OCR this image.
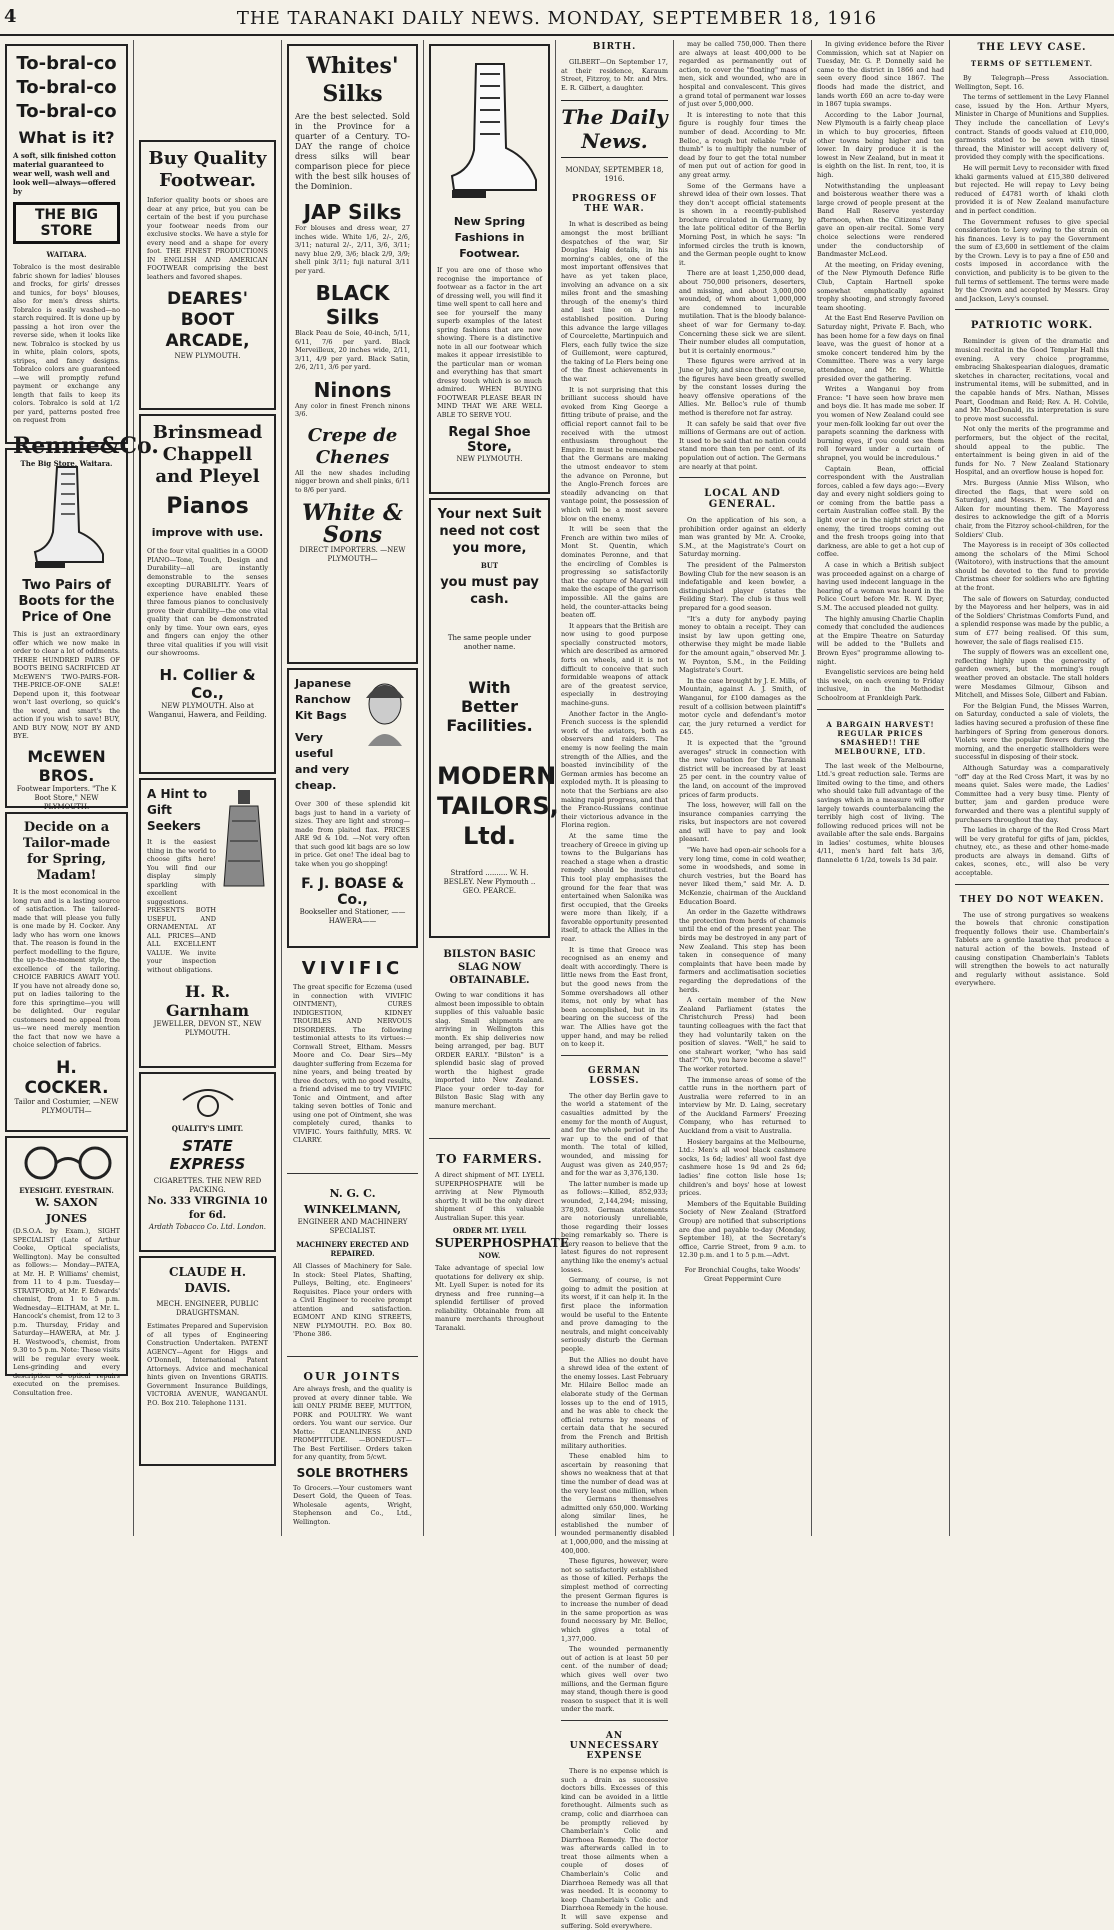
4	THE TARANAKI DAILY NEWS. MONDAY, SEPTEMBER 18, 1916
To-bral-co
To-bral-co
To-bral-co
What is it?
A soft, silk finished cotton material guaranteed to wear well, wash well and look well—always—offered by
THE BIG STORE
WAITARA.
Tobralco is the most desirable fabric shown for ladies' blouses and frocks, for girls' dresses and tunics, for boys' blouses, also for men's dress shirts. Tobralco is easily washed—no starch required. It is done up by passing a hot iron over the reverse side, when it looks like new. Tobralco is stocked by us in white, plain colors, spots, stripes, and fancy designs. Tobralco colors are guaranteed—we will promptly refund payment or exchange any length that fails to keep its colors. Tobralco is sold at 1/2 per yard, patterns posted free on request from
Rennie&Co.
The Big Store, Waitara.
Two Pairs of Boots for the Price of One
This is just an extraordinary offer which we now make in order to clear a lot of oddments. THREE HUNDRED PAIRS OF BOOTS BEING SACRIFICED AT McEWEN'S TWO-PAIRS-FOR-THE-PRICE-OF-ONE SALE! Depend upon it, this footwear won't last overlong, so quick's the word, and smart's the action if you wish to save! BUY, AND BUY NOW, NOT BY AND BYE.
McEWEN BROS.
Footwear Importers. "The K Boot Store," NEW PLYMOUTH.
Decide on a Tailor-made for Spring, Madam!
It is the most economical in the long run and is a lasting source of satisfaction. The tailored-made that will please you fully is one made by H. Cocker. Any lady who has worn one knows that. The reason is found in the perfect modelling to the figure, the up-to-the-moment style, the excellence of the tailoring. CHOICE FABRICS AWAIT YOU. If you have not already done so, put on ladies tailoring to the fore this springtime—you will be delighted. Our regular customers need no appeal from us—we need merely mention the fact that now we have a choice selection of fabrics.
H. COCKER.
Tailor and Costumier, —NEW PLYMOUTH—
EYESIGHT. EYESTRAIN.
W. SAXON JONES
(D.S.O.A. by Exam.), SIGHT SPECIALIST (Late of Arthur Cooke, Optical specialists, Wellington). May be consulted as follows:— Monday—PATEA, at Mr. H. P. Williams' chemist, from 11 to 4 p.m. Tuesday—STRATFORD, at Mr. F. Edwards' chemist, from 1 to 5 p.m. Wednesday—ELTHAM, at Mr. L. Hancock's chemist, from 12 to 3 p.m. Thursday, Friday and Saturday—HAWERA, at Mr. J. H. Westwood's, chemist, from 9.30 to 5 p.m. Note: These visits will be regular every week. Lens-grinding and every description of optical repairs executed on the premises. Consultation free.
Buy Quality Footwear.
Inferior quality boots or shoes are dear at any price, but you can be certain of the best if you purchase your footwear needs from our exclusive stocks. We have a style for every need and a shape for every foot. THE FINEST PRODUCTIONS IN ENGLISH AND AMERICAN FOOTWEAR comprising the best leathers and favored shapes.
DEARES' BOOT ARCADE,
NEW PLYMOUTH.
Brinsmead Chappell and Pleyel
Pianos
improve with use.
Of the four vital qualities in a GOOD PIANO—Tone, Touch, Design and Durability—all are instantly demonstrable to the senses excepting DURABILITY. Years of experience have enabled these three famous pianos to conclusively prove their durability—the one vital quality that can be demonstrated only by time. Your own ears, eyes and fingers can enjoy the other three vital qualities if you will visit our showrooms.
H. Collier & Co.,
NEW PLYMOUTH. Also at Wanganui, Hawera, and Feilding.
A Hint to Gift Seekers
It is the easiest thing in the world to choose gifts here! You will find our display simply sparkling with excellent suggestions. PRESENTS BOTH USEFUL AND ORNAMENTAL AT ALL PRICES—AND ALL EXCELLENT VALUE. We invite your inspection without obligations.
H. R. Garnham
JEWELLER, DEVON ST., NEW PLYMOUTH.
QUALITY'S LIMIT.
STATE EXPRESS
CIGARETTES. THE NEW RED PACKING.
No. 333 VIRGINIA 10 for 6d.
Ardath Tobacco Co. Ltd. London.
CLAUDE H. DAVIS.
MECH. ENGINEER, PUBLIC DRAUGHTSMAN.
Estimates Prepared and Supervision of all types of Engineering Construction Undertaken. PATENT AGENCY—Agent for Higgs and O'Donnell, International Patent Attorneys. Advice and mechanical hints given on Inventions GRATIS. Government Insurance Buildings, VICTORIA AVENUE, WANGANUI. P.O. Box 210. Telephone 1131.
Whites' Silks
Are the best selected. Sold in the Province for a quarter of a Century. TO-DAY the range of choice dress silks will bear comparison piece for piece with the best silk houses of the Dominion.
JAP Silks
For blouses and dress wear, 27 inches wide. White 1/6, 2/-, 2/6, 3/11; natural 2/-, 2/11, 3/6, 3/11; navy blue 2/9, 3/6; black 2/9, 3/9; shell pink 3/11; fuji natural 3/11 per yard.
BLACK Silks
Black Peau de Soie, 40-inch, 5/11, 6/11, 7/6 per yard. Black Merveilleux, 20 inches wide, 2/11, 3/11, 4/9 per yard. Black Satin, 2/6, 2/11, 3/6 per yard.
Ninons
Any color in finest French ninons 3/6.
Crepe de Chenes
All the new shades including nigger brown and shell pinks, 6/11 to 8/6 per yard.
White & Sons
DIRECT IMPORTERS. —NEW PLYMOUTH—
Japanese Ranchow Kit Bags
Very useful and very cheap.
Over 300 of these splendid kit bags just to hand in a variety of sizes. They are light and strong—made from plaited flax. PRICES ARE 9d & 10d. —Not very often that such good kit bags are so low in price. Get one! The ideal bag to take when you go shopping!
F. J. BOASE & Co.,
Bookseller and Stationer, ——HAWERA——
VIVIFIC
The great specific for Eczema (used in connection with VIVIFIC OINTMENT), CURES INDIGESTION, KIDNEY TROUBLES AND NERVOUS DISORDERS. The following testimonial attests to its virtues:— Cornwall Street, Eltham. Messrs Moore and Co. Dear Sirs—My daughter suffering from Eczema for nine years, and being treated by three doctors, with no good results, a friend advised me to try VIVIFIC Tonic and Ointment, and after taking seven bottles of Tonic and using one pot of Ointment, she was completely cured, thanks to VIVIFIC. Yours faithfully, MRS. W. CLARRY.
N. G. C. WINKELMANN,
ENGINEER AND MACHINERY SPECIALIST.
MACHINERY ERECTED AND REPAIRED.
All Classes of Machinery for Sale. In stock: Steel Plates, Shafting, Pulleys, Belting, etc. Engineers' Requisites. Place your orders with a Civil Engineer to receive prompt attention and satisfaction. EGMONT AND KING STREETS, NEW PLYMOUTH. P.O. Box 80. 'Phone 386.
OUR JOINTS
Are always fresh, and the quality is proved at every dinner table. We kill ONLY PRIME BEEF, MUTTON, PORK and POULTRY. We want orders. You want our service. Our Motto: CLEANLINESS AND PROMPTITUDE. —BONEDUST— The Best Fertiliser. Orders taken for any quantity, from 5/cwt.
SOLE BROTHERS
To Grocers.—Your customers want Desert Gold, the Queen of Teas. Wholesale agents, Wright, Stephenson and Co., Ltd., Wellington.
New Spring Fashions in Footwear.
If you are one of those who recognise the importance of footwear as a factor in the art of dressing well, you will find it time well spent to call here and see for yourself the many superb examples of the latest spring fashions that are now showing. There is a distinctive note in all our footwear which makes it appear irresistible to the particular man or woman and everything has that smart dressy touch which is so much admired. WHEN BUYING FOOTWEAR PLEASE BEAR IN MIND THAT WE ARE WELL ABLE TO SERVE YOU.
Regal Shoe Store,
NEW PLYMOUTH.
Your next Suit need not cost you more,
BUT
you must pay cash.
The same people under another name.
With
Better Facilities.
MODERN TAILORS, Ltd.
Stratford .......... W. H. BESLEY. New Plymouth .. GEO. PEARCE.
BILSTON BASIC SLAG NOW OBTAINABLE.
Owing to war conditions it has almost been impossible to obtain supplies of this valuable basic slag. Small shipments are arriving in Wellington this month. Ex ship deliveries now being arranged, per bag. BUT ORDER EARLY. "Bilston" is a splendid basic slag of proved worth the highest grade imported into New Zealand. Place your order to-day for Bilston Basic Slag with any manure merchant.
TO FARMERS.
A direct shipment of MT. LYELL SUPERPHOSPHATE will be arriving at New Plymouth shortly. It will be the only direct shipment of this valuable Australian Super. this year.
ORDER MT. LYELL
SUPERPHOSPHATE
NOW.
Take advantage of special low quotations for delivery ex ship. Mt. Lyell Super. is noted for its dryness and free running—a splendid fertiliser of proved reliability. Obtainable from all manure merchants throughout Taranaki.
BIRTH.

GILBERT—On September 17, at their residence, Karaum Street, Fitzroy, to Mr. and Mrs. E. R. Gilbert, a daughter.

The Daily News.
MONDAY, SEPTEMBER 18, 1916.
PROGRESS OF THE WAR.

In what is described as being amongst the most brilliant despatches of the war, Sir Douglas Haig details, in his morning's cables, one of the most important offensives that have as yet taken place, involving an advance on a six miles front and the smashing through of the enemy's third and last line on a long established position. During this advance the large villages of Courcelette, Martinpuich and Flers, each fully twice the size of Guillemont, were captured, the taking of Le Flers being one of the finest achievements in the war.

It is not surprising that this brilliant success should have evoked from King George a fitting tribute of praise, and the official report cannot fail to be received with the utmost enthusiasm throughout the Empire. It must be remembered that the Germans are making the utmost endeavor to stem the advance on Peronne, but the Anglo-French forces are steadily advancing on that vantage point, the possession of which will be a most severe blow on the enemy.

It will be seen that the French are within two miles of Mont St. Quentin, which dominates Peronne, and that the encircling of Combles is progressing so satisfactorily that the capture of Marval will make the escape of the garrison impossible. All the gains are held, the counter-attacks being beaten off.

It appears that the British are now using to good purpose specially constructed motors, which are described as armored forts on wheels, and it is not difficult to conceive that such formidable weapons of attack are of the greatest service, especially in destroying machine-guns.

Another factor in the Anglo-French success is the splendid work of the aviators, both as observers and raiders. The enemy is now feeling the main strength of the Allies, and the boasted invincibility of the German armies has become an exploded myth. It is pleasing to note that the Serbians are also making rapid progress, and that the Franco-Russians continue their victorious advance in the Florina region.

At the same time the treachery of Greece in giving up towns to the Bulgarians has reached a stage when a drastic remedy should be instituted. This tool play emphasises the ground for the fear that was entertained when Salonika was first occupied, that the Greeks were more than likely, if a favorable opportunity presented itself, to attack the Allies in the rear.

It is time that Greece was recognised as an enemy and dealt with accordingly. There is little news from the East front, but the good news from the Somme overshadows all other items, not only by what has been accomplished, but in its bearing on the success of the war. The Allies have got the upper hand, and may be relied on to keep it.

GERMAN LOSSES.

The other day Berlin gave to the world a statement of the casualties admitted by the enemy for the month of August, and for the whole period of the war up to the end of that month. The total of killed, wounded, and missing for August was given as 240,957; and for the war as 3,376,130.

The latter number is made up as follows:—Killed, 852,933; wounded, 2,144,294; missing, 378,903. German statements are notoriously unreliable, those regarding their losses being remarkably so. There is every reason to believe that the latest figures do not represent anything like the enemy's actual losses.

Germany, of course, is not going to admit the position at its worst, if it can help it. In the first place the information would be useful to the Entente and prove damaging to the neutrals, and might conceivably seriously disturb the German people.

But the Allies no doubt have a shrewd idea of the extent of the enemy losses. Last February Mr. Hilaire Belloc made an elaborate study of the German losses up to the end of 1915, and he was able to check the official returns by means of certain data that he secured from the French and British military authorities.

These enabled him to ascertain by reasoning that shows no weakness that at that time the number of dead was at the very least one million, when the Germans themselves admitted only 650,000. Working along similar lines, he established the number of wounded permanently disabled at 1,000,000, and the missing at 400,000.

These figures, however, were not so satisfactorily established as those of killed. Perhaps the simplest method of correcting the present German figures is to increase the number of dead in the same proportion as was found necessary by Mr. Belloc, which gives a total of 1,377,000.

The wounded permanently out of action is at least 50 per cent. of the number of dead; which gives well over two millions, and the German figure may stand, though there is good reason to suspect that it is well under the mark.

AN UNNECESSARY EXPENSE

There is no expense which is such a drain as successive doctors bills. Excesses of this kind can be avoided in a little forethought. Ailments such as cramp, colic and diarrhoea can be promptly relieved by Chamberlain's Colic and Diarrhoea Remedy. The doctor was afterwards called in to treat those ailments when a couple of doses of Chamberlain's Colic and Diarrhoea Remedy was all that was needed. It is economy to keep Chamberlain's Colic and Diarrhoea Remedy in the house. It will save expense and suffering. Sold everywhere.

may be called 750,000. Then there are always at least 400,000 to be regarded as permanently out of action, to cover the "floating" mass of men, sick and wounded, who are in hospital and convalescent. This gives a grand total of permanent war losses of just over 5,000,000.

It is interesting to note that this figure is roughly four times the number of dead. According to Mr. Belloc, a rough but reliable "rule of thumb" is to multiply the number of dead by four to get the total number of men put out of action for good in any great army.

Some of the Germans have a shrewd idea of their own losses. That they don't accept official statements is shown in a recently-published brochure circulated in Germany, by the late political editor of the Berlin Morning Post, in which he says: "In informed circles the truth is known, and the German people ought to know it.

There are at least 1,250,000 dead, about 750,000 prisoners, deserters, and missing, and about 3,000,000 wounded, of whom about 1,000,000 are condemned to incurable mutilation. That is the bloody balance-sheet of war for Germany to-day. Concerning these sick we are silent. Their number eludes all computation, but it is certainly enormous."

These figures were arrived at in June or July, and since then, of course, the figures have been greatly swelled by the constant losses during the heavy offensive operations of the Allies. Mr. Belloc's rule of thumb method is therefore not far astray.

It can safely be said that over five millions of Germans are out of action. It used to be said that no nation could stand more than ten per cent. of its population out of action. The Germans are nearly at that point.

LOCAL AND GENERAL.

On the application of his son, a prohibition order against an elderly man was granted by Mr. A. Crooke, S.M., at the Magistrate's Court on Saturday morning.

The president of the Palmerston Bowling Club for the new season is an indefatigable and keen bowler, a distinguished player (states the Feilding Star). The club is thus well prepared for a good season.

"It's a duty for anybody paying money to obtain a receipt. They can insist by law upon getting one, otherwise they might be made liable for the amount again," observed Mr. J. W. Poynton, S.M., in the Feilding Magistrate's Court.

In the case brought by J. E. Mills, of Mountain, against A. J. Smith, of Wanganui, for £100 damages as the result of a collision between plaintiff's motor cycle and defendant's motor car, the jury returned a verdict for £45.

It is expected that the "ground averages" struck in connection with the new valuation for the Taranaki district will be increased by at least 25 per cent. in the country value of the land, on account of the improved prices of farm products.

The loss, however, will fall on the insurance companies carrying the risks, but inspectors are not covered and will have to pay and look pleasant.

"We have had open-air schools for a very long time, come in cold weather, some in woodsheds, and some in church vestries, but the Board has never liked them," said Mr. A. D. McKenzie, chairman of the Auckland Education Board.

An order in the Gazette withdraws the protection from herds of chamois until the end of the present year. The birds may be destroyed in any part of New Zealand. This step has been taken in consequence of many complaints that have been made by farmers and acclimatisation societies regarding the depredations of the herds.

A certain member of the New Zealand Parliament (states the Christchurch Press) had been taunting colleagues with the fact that they had voluntarily taken on the position of slaves. "Well," he said to one stalwart worker, "who has said that?" "Oh, you have become a slave!" The worker retorted.

The immense areas of some of the cattle runs in the northern part of Australia were referred to in an interview by Mr. D. Laing, secretary of the Auckland Farmers' Freezing Company, who has returned to Auckland from a visit to Australia.

Hosiery bargains at the Melbourne, Ltd.: Men's all wool black cashmere socks, 1s 6d; ladies' all wool fast dye cashmere hose 1s 9d and 2s 6d; ladies' fine cotton lisle hose 1s; children's and boys' hose at lowest prices.

Members of the Equitable Building Society of New Zealand (Stratford Group) are notified that subscriptions are due and payable to-day (Monday, September 18), at the Secretary's office, Carrie Street, from 9 a.m. to 12.30 p.m. and 1 to 5 p.m.—Advt.

For Bronchial Coughs, take Woods' Great Peppermint Cure

In giving evidence before the River Commission, which sat at Napier on Tuesday, Mr. G. P. Donnelly said he came to the district in 1866 and had seen every flood since 1867. The floods had made the district, and lands worth £60 an acre to-day were in 1867 tupia swamps.

According to the Labor Journal, New Plymouth is a fairly cheap place in which to buy groceries, fifteen other towns being higher and ten lower. In dairy produce it is the lowest in New Zealand, but in meat it is eighth on the list. In rent, too, it is high.

Notwithstanding the unpleasant and boisterous weather there was a large crowd of people present at the Band Hall Reserve yesterday afternoon, when the Citizens' Band gave an open-air recital. Some very choice selections were rendered under the conductorship of Bandmaster McLeod.

At the meeting, on Friday evening, of the New Plymouth Defence Rifle Club, Captain Hartnell spoke somewhat emphatically against trophy shooting, and strongly favored team shooting.

At the East End Reserve Pavilion on Saturday night, Private F. Bach, who has been home for a few days on final leave, was the guest of honor at a smoke concert tendered him by the Committee. There was a very large attendance, and Mr. F. Whittle presided over the gathering.

Writes a Wanganui boy from France: "I have seen how brave men and boys die. It has made me sober. If you women of New Zealand could see your men-folk looking far out over the parapets scanning the darkness with burning eyes, if you could see them roll forward under a curtain of shrapnel, you would be incredulous."

Captain Bean, official correspondent with the Australian forces, cabled a few days ago:—Every day and every night soldiers going to or coming from the battle pass a certain Australian coffee stall. By the light over or in the night strict as the enemy, the tired troops coming out and the fresh troops going into that darkness, are able to get a hot cup of coffee.

A case in which a British subject was proceeded against on a charge of having used indecent language in the hearing of a woman was heard in the Police Court before Mr. R. W. Dyer, S.M. The accused pleaded not guilty.

The highly amusing Charlie Chaplin comedy that concluded the audiences at the Empire Theatre on Saturday will be added to the "Bullets and Brown Eyes" programme allowing to-night.

Evangelistic services are being held this week, on each evening to Friday inclusive, in the Methodist Schoolroom at Frankleigh Park.

A BARGAIN HARVEST! REGULAR PRICES SMASHED!! THE MELBOURNE, LTD.

The last week of the Melbourne, Ltd.'s great reduction sale. Terms are limited owing to the time, and others who should take full advantage of the savings which in a measure will offer largely towards counterbalancing the terribly high cost of living. The following reduced prices will not be available after the sale ends. Bargains in ladies' costumes, white blouses 4/11, men's hard felt hats 3/6, flannelette 6 1/2d, towels 1s 3d pair.

THE LEVY CASE.
TERMS OF SETTLEMENT.

By Telegraph—Press Association. Wellington, Sept. 16.

The terms of settlement in the Levy Flannel case, issued by the Hon. Arthur Myers, Minister in Charge of Munitions and Supplies. They include the cancellation of Levy's contract. Stands of goods valued at £10,000, garments stated to be sewn with tinsel thread, the Minister will accept delivery of, provided they comply with the specifications.

He will permit Levy to reconsider with fixed khaki garments valued at £15,380 delivered but rejected. He will repay to Levy being reduced of £4781 worth of khaki cloth provided it is of New Zealand manufacture and in perfect condition.

The Government refuses to give special consideration to Levy owing to the strain on his finances. Levy is to pay the Government the sum of £3,600 in settlement of the claim by the Crown. Levy is to pay a fine of £50 and costs imposed in accordance with the conviction, and publicity is to be given to the full terms of settlement. The terms were made by the Crown and accepted by Messrs. Gray and Jackson, Levy's counsel.

PATRIOTIC WORK.

Reminder is given of the dramatic and musical recital in the Good Templar Hall this evening. A very choice programme, embracing Shakespearian dialogues, dramatic sketches in character, recitations, vocal and instrumental items, will be submitted, and in the capable hands of Mrs. Nathan, Misses Peart, Goodman and Reid; Rev. A. H. Colvile, and Mr. MacDonald, its interpretation is sure to prove most successful.

Not only the merits of the programme and performers, but the object of the recital, should appeal to the public. The entertainment is being given in aid of the funds for No. 7 New Zealand Stationary Hospital, and an overflow house is hoped for.

Mrs. Burgess (Annie Miss Wilson, who directed the flags, that were sold on Saturday), and Messrs. P. W. Sandford and Aiken for mounting them. The Mayoress desires to acknowledge the gift of a Morris chair, from the Fitzroy school-children, for the Soldiers' Club.

The Mayoress is in receipt of 30s collected among the scholars of the Mimi School (Waitotoro), with instructions that the amount should be devoted to the fund to provide Christmas cheer for soldiers who are fighting at the front.

The sale of flowers on Saturday, conducted by the Mayoress and her helpers, was in aid of the Soldiers' Christmas Comforts Fund, and a splendid response was made by the public, a sum of £77 being realised. Of this sum, however, the sale of flags realised £15.

The supply of flowers was an excellent one, reflecting highly upon the generosity of garden owners, but the morning's rough weather proved an obstacle. The stall holders were Mesdames Gilmour, Gibson and Mitchell, and Misses Sole, Gilbert and Fabian.

For the Belgian Fund, the Misses Warren, on Saturday, conducted a sale of violets, the ladies having secured a profusion of these fine harbingers of Spring from generous donors. Violets were the popular flowers during the morning, and the energetic stallholders were successful in disposing of their stock.

Although Saturday was a comparatively "off" day at the Red Cross Mart, it was by no means quiet. Sales were made, the Ladies' Committee had a very busy time. Plenty of butter, jam and garden produce were forwarded and there was a plentiful supply of purchasers throughout the day.

The ladies in charge of the Red Cross Mart will be very grateful for gifts of jam, pickles, chutney, etc., as these and other home-made products are always in demand. Gifts of cakes, scones, etc., will also be very acceptable.

THEY DO NOT WEAKEN.

The use of strong purgatives so weakens the bowels that chronic constipation frequently follows their use. Chamberlain's Tablets are a gentle laxative that produce a natural action of the bowels. Instead of causing constipation Chamberlain's Tablets will strengthen the bowels to act naturally and regularly without assistance. Sold everywhere.
